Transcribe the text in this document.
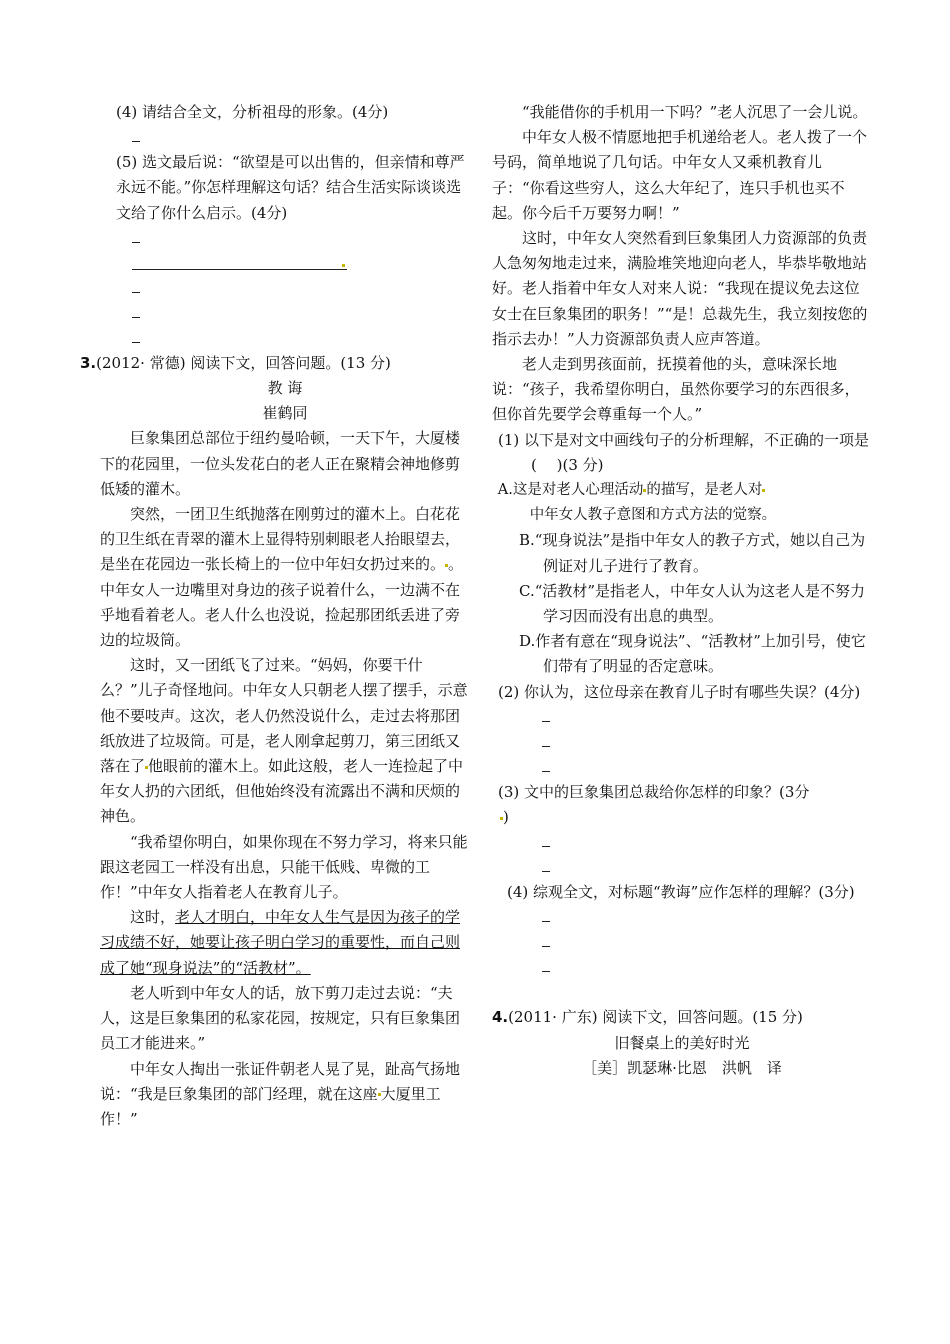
(4) 请结合全文，分析祖母的形象。(4分)

(5) 选文最后说：“欲望是可以出售的，但亲情和尊严永远不能。”你怎样理解这句话？结合生活实际谈谈选文给了你什么启示。(4分)

3.(2012· 常德) 阅读下文，回答问题。(13 分)

教 诲

崔鹤同

巨象集团总部位于纽约曼哈顿，一天下午，大厦楼下的花园里，一位头发花白的老人正在聚精会神地修剪低矮的灌木。

突然，一团卫生纸抛落在刚剪过的灌木上。白花花的卫生纸在青翠的灌木上显得特别刺眼老人抬眼望去，是坐在花园边一张长椅上的一位中年妇女扔过来的。 。中年女人一边嘴里对身边的孩子说着什么，一边满不在乎地看着老人。老人什么也没说，捡起那团纸丢进了旁边的垃圾筒。

这时，又一团纸飞了过来。“妈妈，你要干什么？”儿子奇怪地问。中年女人只朝老人摆了摆手，示意他不要吱声。这次，老人仍然没说什么，走过去将那团纸放进了垃圾筒。可是，老人刚拿起剪刀，第三团纸又落在了 他眼前的灌木上。如此这般，老人一连捡起了中年女人扔的六团纸，但他始终没有流露出不满和厌烦的神色。

“我希望你明白，如果你现在不努力学习，将来只能跟这老园工一样没有出息，只能干低贱、卑微的工作！”中年女人指着老人在教育儿子。

这时，老人才明白，中年女人生气是因为孩子的学习成绩不好，她要让孩子明白学习的重要性，而自己则成了她“现身说法”的“活教材”。

老人听到中年女人的话，放下剪刀走过去说：“夫人，这是巨象集团的私家花园，按规定，只有巨象集团员工才能进来。”

中年女人掏出一张证件朝老人晃了晃，趾高气扬地说：“我是巨象集团的部门经理，就在这座 大厦里工作！”

“我能借你的手机用一下吗？”老人沉思了一会儿说。

中年女人极不情愿地把手机递给老人。老人拨了一个号码，简单地说了几句话。中年女人又乘机教育儿子：“你看这些穷人，这么大年纪了，连只手机也买不起。你今后千万要努力啊！”

这时，中年女人突然看到巨象集团人力资源部的负责人急匆匆地走过来，满脸堆笑地迎向老人，毕恭毕敬地站好。老人指着中年女人对来人说：“我现在提议免去这位女士在巨象集团的职务！”“是！总裁先生，我立刻按您的指示去办！”人力资源部负责人应声答道。

老人走到男孩面前，抚摸着他的头，意味深长地说：“孩子，我希望你明白，虽然你要学习的东西很多，但你首先要学会尊重每一个人。”

(1) 以下是对文中画线句子的分析理解，不正确的一项是(　 )(3 分)

A.这是对老人心理活动 的描写，是老人对
中年女人教子意图和方式方法的觉察。

B.“现身说法”是指中年女人的教子方式，她以自己为例证对儿子进行了教育。

C.“活教材”是指老人，中年女人认为这老人是不努力学习因而没有出息的典型。

D.作者有意在“现身说法”、“活教材”上加引号，使它们带有了明显的否定意味。

(2) 你认为，这位母亲在教育儿子时有哪些失误？(4分)

(3) 文中的巨象集团总裁给你怎样的印象？(3分
)

(4) 综观全文，对标题“教诲”应作怎样的理解？(3分)

4.(2011· 广东) 阅读下文，回答问题。(15 分)

旧餐桌上的美好时光

［美］凯瑟琳·比恩　洪帆　译
